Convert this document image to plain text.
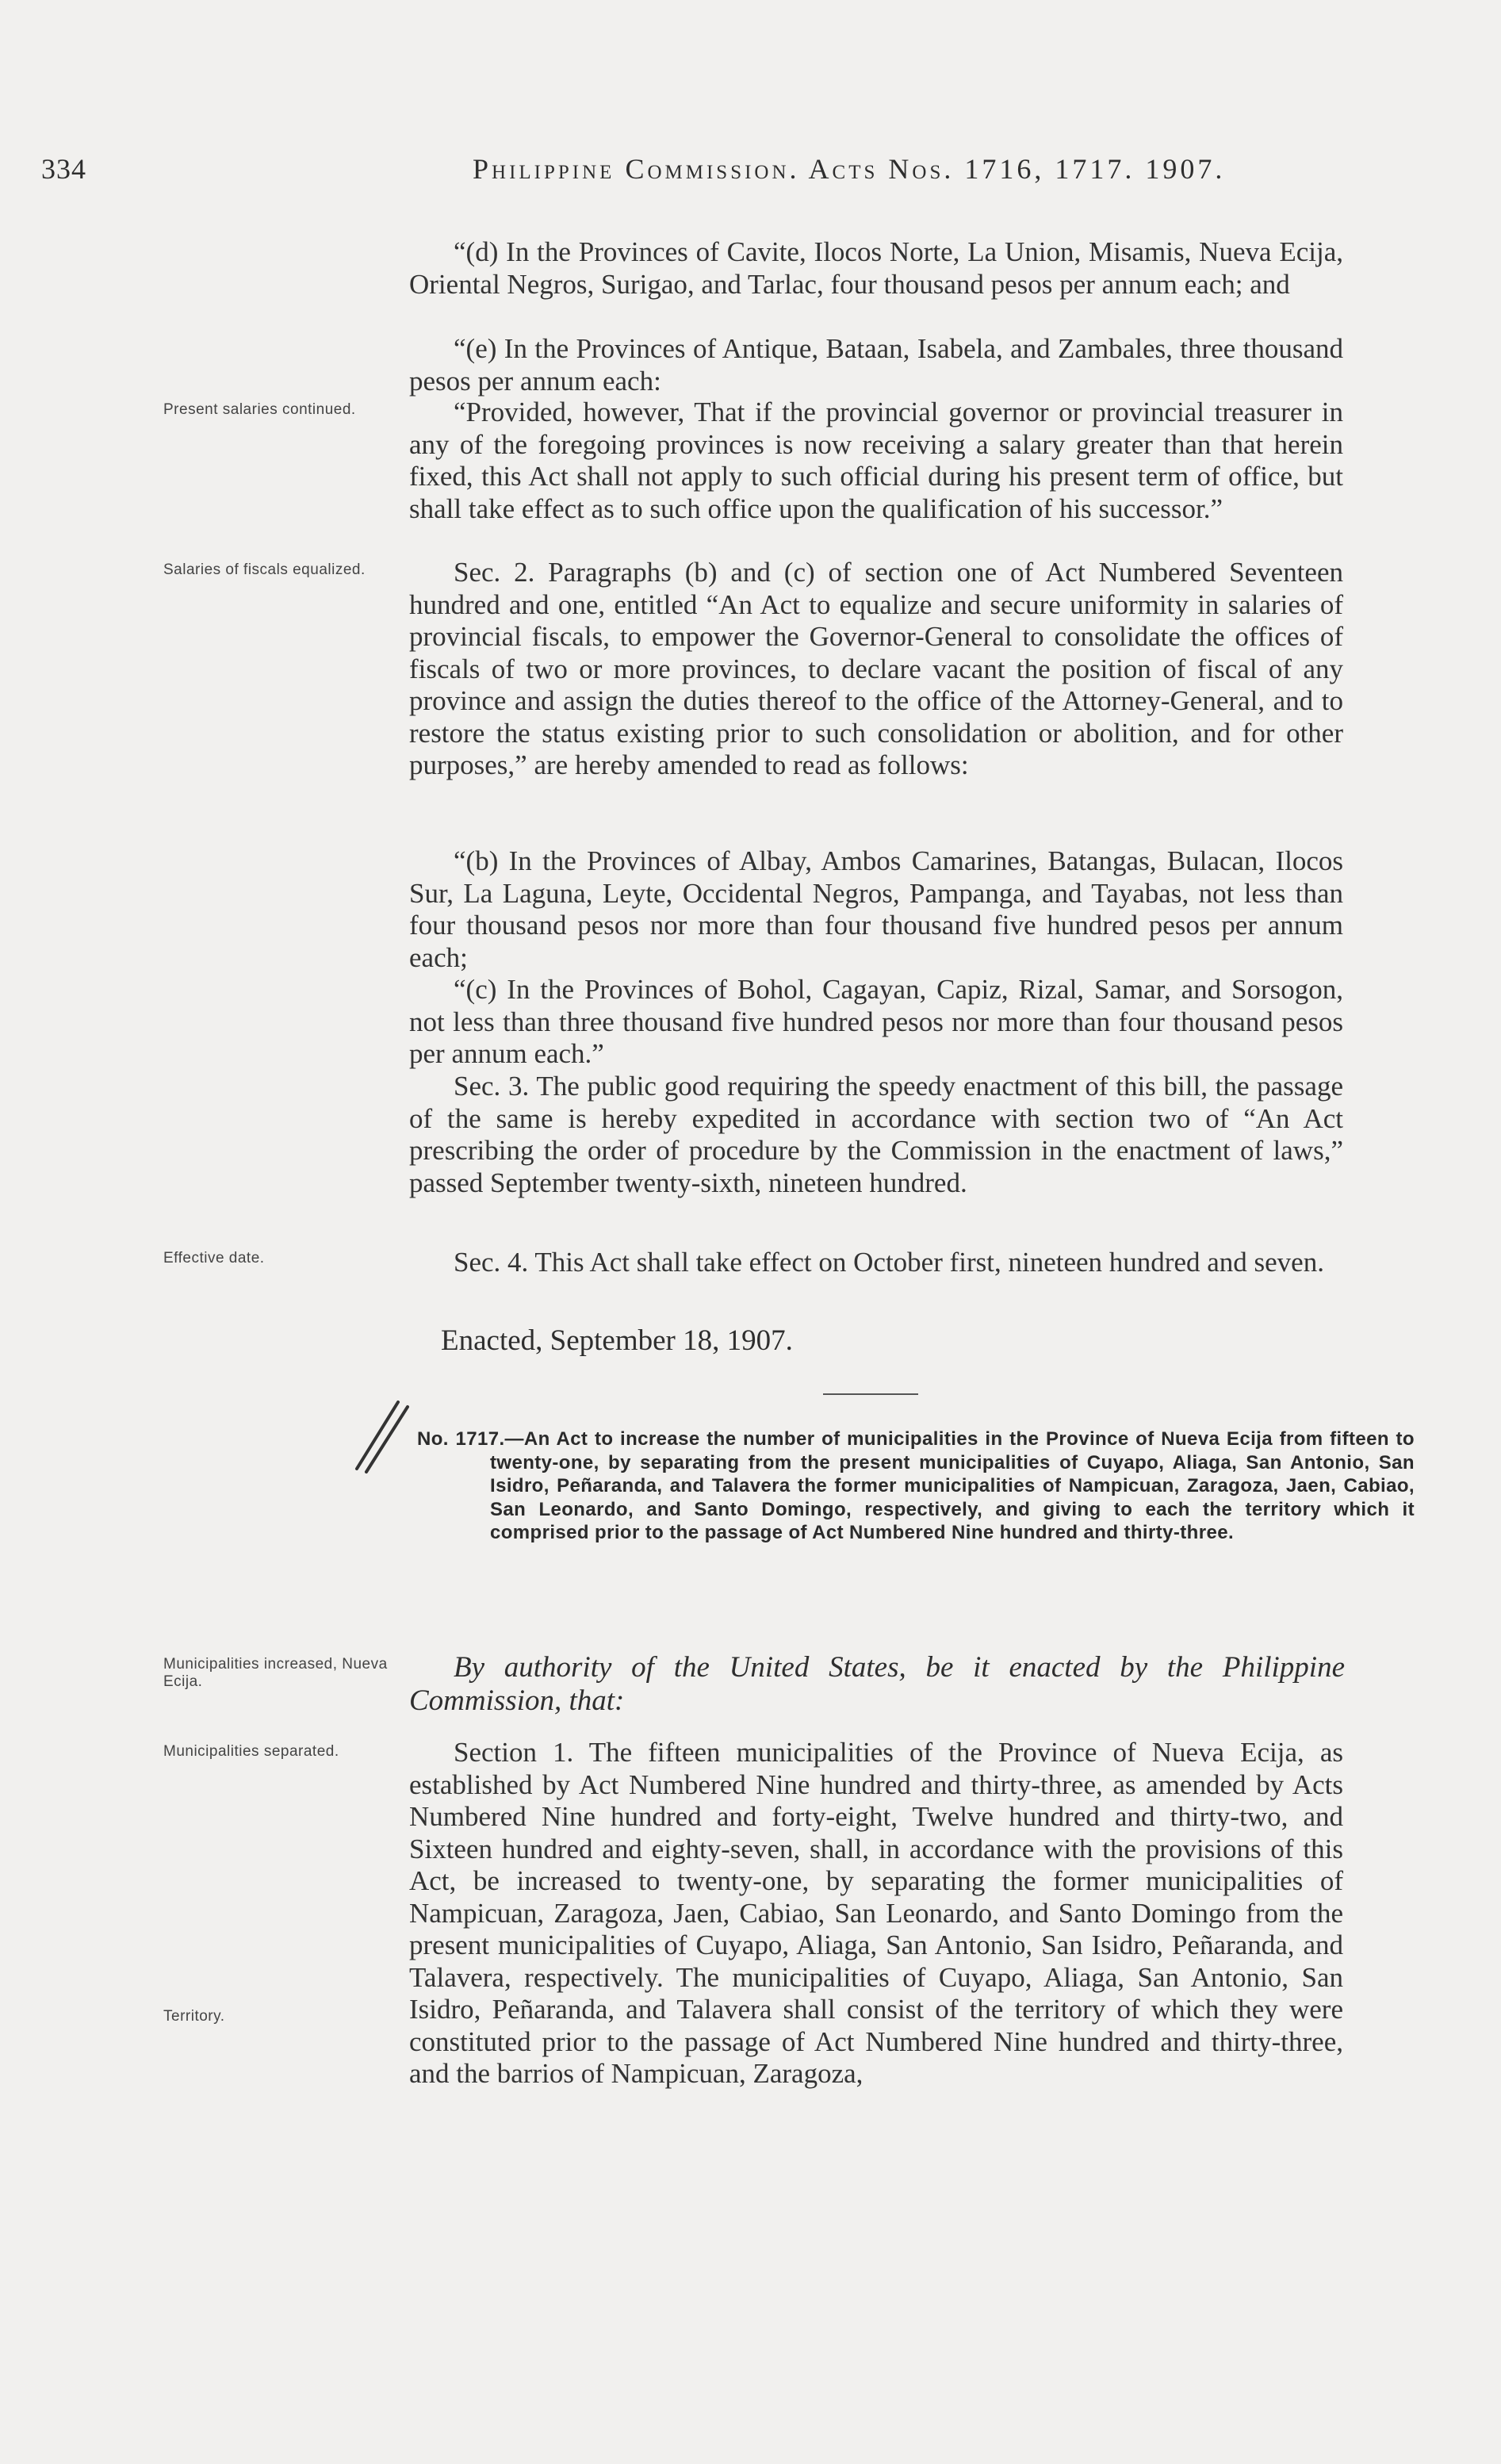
334	Philippine Commission. Acts Nos. 1716, 1717. 1907.

“(d) In the Provinces of Cavite, Ilocos Norte, La Union, Misamis, Nueva Ecija, Oriental Negros, Surigao, and Tarlac, four thousand pesos per annum each; and

“(e) In the Provinces of Antique, Bataan, Isabela, and Zambales, three thousand pesos per annum each:

Present salaries continued.	“Provided, however, That if the provincial governor or provincial treasurer in any of the foregoing provinces is now receiving a salary greater than that herein fixed, this Act shall not apply to such official during his present term of office, but shall take effect as to such office upon the qualification of his successor.”

Salaries of fiscals equalized.	Sec. 2. Paragraphs (b) and (c) of section one of Act Numbered Seventeen hundred and one, entitled “An Act to equalize and secure uniformity in salaries of provincial fiscals, to empower the Governor-General to consolidate the offices of fiscals of two or more provinces, to declare vacant the position of fiscal of any province and assign the duties thereof to the office of the Attorney-General, and to restore the status existing prior to such consolidation or abolition, and for other purposes,” are hereby amended to read as follows:

“(b) In the Provinces of Albay, Ambos Camarines, Batangas, Bulacan, Ilocos Sur, La Laguna, Leyte, Occidental Negros, Pampanga, and Tayabas, not less than four thousand pesos nor more than four thousand five hundred pesos per annum each;

“(c) In the Provinces of Bohol, Cagayan, Capiz, Rizal, Samar, and Sorsogon, not less than three thousand five hundred pesos nor more than four thousand pesos per annum each.”

Sec. 3. The public good requiring the speedy enactment of this bill, the passage of the same is hereby expedited in accordance with section two of “An Act prescribing the order of procedure by the Commission in the enactment of laws,” passed September twenty-sixth, nineteen hundred.

Effective date.	Sec. 4. This Act shall take effect on October first, nineteen hundred and seven.

Enacted, September 18, 1907.
No. 1717.—An Act to increase the number of municipalities in the Province of Nueva Ecija from fifteen to twenty-one, by separating from the present municipalities of Cuyapo, Aliaga, San Antonio, San Isidro, Peñaranda, and Talavera the former municipalities of Nampicuan, Zaragoza, Jaen, Cabiao, San Leonardo, and Santo Domingo, respectively, and giving to each the territory which it comprised prior to the passage of Act Numbered Nine hundred and thirty-three.
Municipalities increased, Nueva Ecija.	By authority of the United States, be it enacted by the Philippine Commission, that:
Municipalities separated.
Territory.

Section 1. The fifteen municipalities of the Province of Nueva Ecija, as established by Act Numbered Nine hundred and thirty-three, as amended by Acts Numbered Nine hundred and forty-eight, Twelve hundred and thirty-two, and Sixteen hundred and eighty-seven, shall, in accordance with the provisions of this Act, be increased to twenty-one, by separating the former municipalities of Nampicuan, Zaragoza, Jaen, Cabiao, San Leonardo, and Santo Domingo from the present municipalities of Cuyapo, Aliaga, San Antonio, San Isidro, Peñaranda, and Talavera, respectively. The municipalities of Cuyapo, Aliaga, San Antonio, San Isidro, Peñaranda, and Talavera shall consist of the territory of which they were constituted prior to the passage of Act Numbered Nine hundred and thirty-three, and the barrios of Nampicuan, Zaragoza,
